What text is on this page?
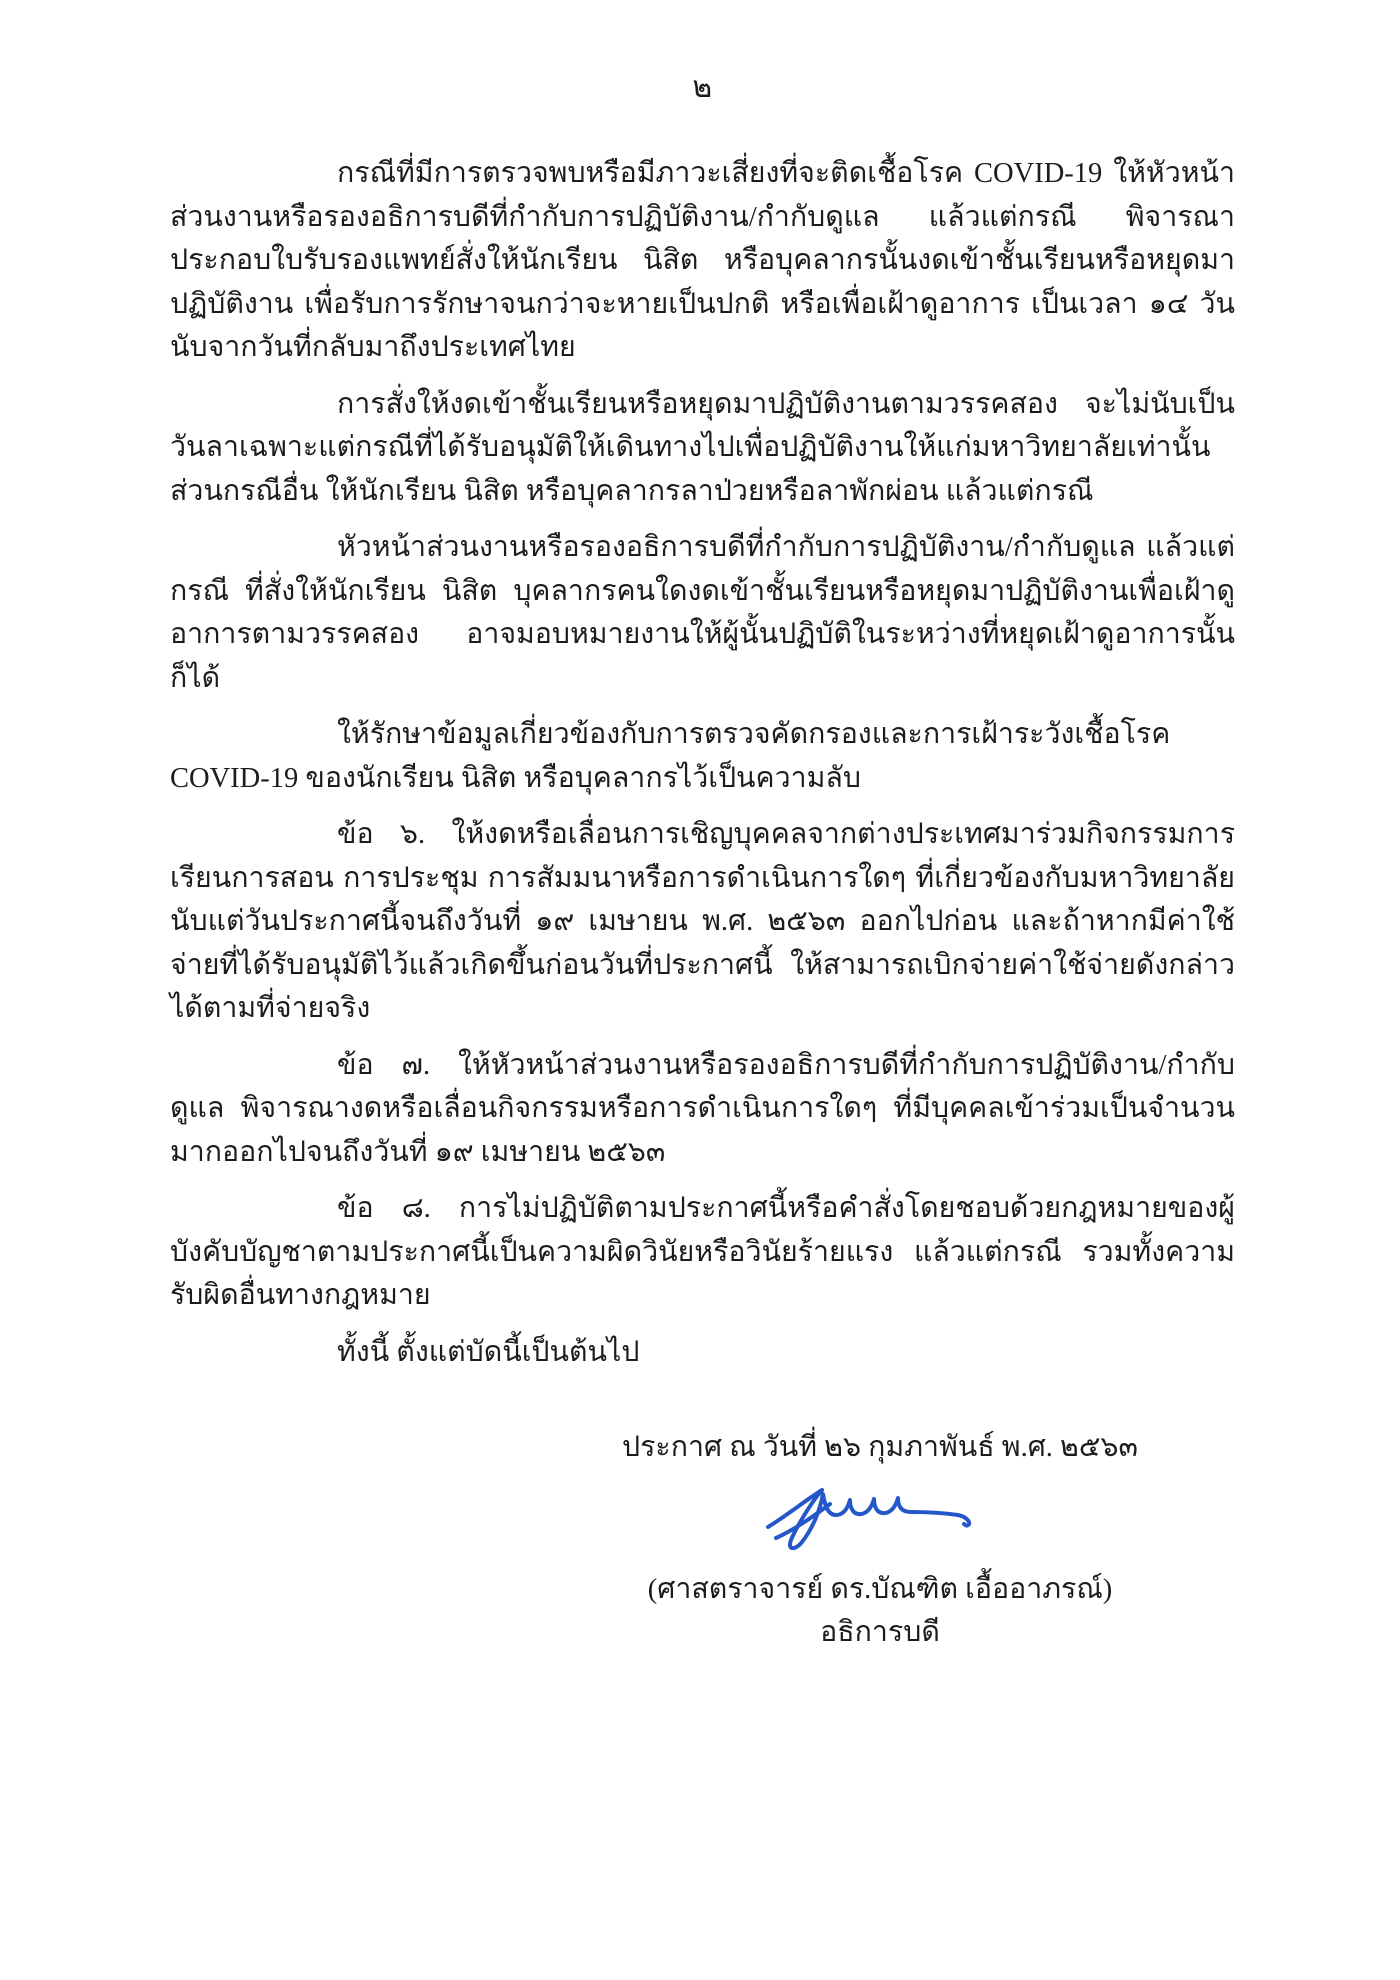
๒

กรณีที่มีการตรวจพบหรือมีภาวะเสี่ยงที่จะติดเชื้อโรค COVID-19 ให้หัวหน้าส่วนงานหรือรองอธิการบดีที่กำกับการปฏิบัติงาน/กำกับดูแล แล้วแต่กรณี พิจารณาประกอบใบรับรองแพทย์สั่งให้นักเรียน นิสิต หรือบุคลากรนั้นงดเข้าชั้นเรียนหรือหยุดมาปฏิบัติงาน เพื่อรับการรักษาจนกว่าจะหายเป็นปกติ หรือเพื่อเฝ้าดูอาการ เป็นเวลา ๑๔ วัน นับจากวันที่กลับมาถึงประเทศไทย

การสั่งให้งดเข้าชั้นเรียนหรือหยุดมาปฏิบัติงานตามวรรคสอง จะไม่นับเป็นวันลาเฉพาะแต่กรณีที่ได้รับอนุมัติให้เดินทางไปเพื่อปฏิบัติงานให้แก่มหาวิทยาลัยเท่านั้น ส่วนกรณีอื่น ให้นักเรียน นิสิต หรือบุคลากรลาป่วยหรือลาพักผ่อน แล้วแต่กรณี

หัวหน้าส่วนงานหรือรองอธิการบดีที่กำกับการปฏิบัติงาน/กำกับดูแล แล้วแต่กรณี ที่สั่งให้นักเรียน นิสิต บุคลากรคนใดงดเข้าชั้นเรียนหรือหยุดมาปฏิบัติงานเพื่อเฝ้าดูอาการตามวรรคสอง อาจมอบหมายงานให้ผู้นั้นปฏิบัติในระหว่างที่หยุดเฝ้าดูอาการนั้นก็ได้

ให้รักษาข้อมูลเกี่ยวข้องกับการตรวจคัดกรองและการเฝ้าระวังเชื้อโรค COVID-19 ของนักเรียน นิสิต หรือบุคลากรไว้เป็นความลับ

ข้อ ๖. ให้งดหรือเลื่อนการเชิญบุคคลจากต่างประเทศมาร่วมกิจกรรมการเรียนการสอน การประชุม การสัมมนาหรือการดำเนินการใดๆ ที่เกี่ยวข้องกับมหาวิทยาลัย นับแต่วันประกาศนี้จนถึงวันที่ ๑๙ เมษายน พ.ศ. ๒๕๖๓ ออกไปก่อน และถ้าหากมีค่าใช้จ่ายที่ได้รับอนุมัติไว้แล้วเกิดขึ้นก่อนวันที่ประกาศนี้ ให้สามารถเบิกจ่ายค่าใช้จ่ายดังกล่าวได้ตามที่จ่ายจริง

ข้อ ๗. ให้หัวหน้าส่วนงานหรือรองอธิการบดีที่กำกับการปฏิบัติงาน/กำกับดูแล พิจารณางดหรือเลื่อนกิจกรรมหรือการดำเนินการใดๆ ที่มีบุคคลเข้าร่วมเป็นจำนวนมากออกไปจนถึงวันที่ ๑๙ เมษายน ๒๕๖๓

ข้อ ๘. การไม่ปฏิบัติตามประกาศนี้หรือคำสั่งโดยชอบด้วยกฎหมายของผู้บังคับบัญชาตามประกาศนี้เป็นความผิดวินัยหรือวินัยร้ายแรง แล้วแต่กรณี รวมทั้งความรับผิดอื่นทางกฎหมาย

ทั้งนี้ ตั้งแต่บัดนี้เป็นต้นไป

ประกาศ ณ วันที่ ๒๖ กุมภาพันธ์ พ.ศ. ๒๕๖๓
(ศาสตราจารย์ ดร.บัณฑิต เอื้ออาภรณ์)
อธิการบดี
